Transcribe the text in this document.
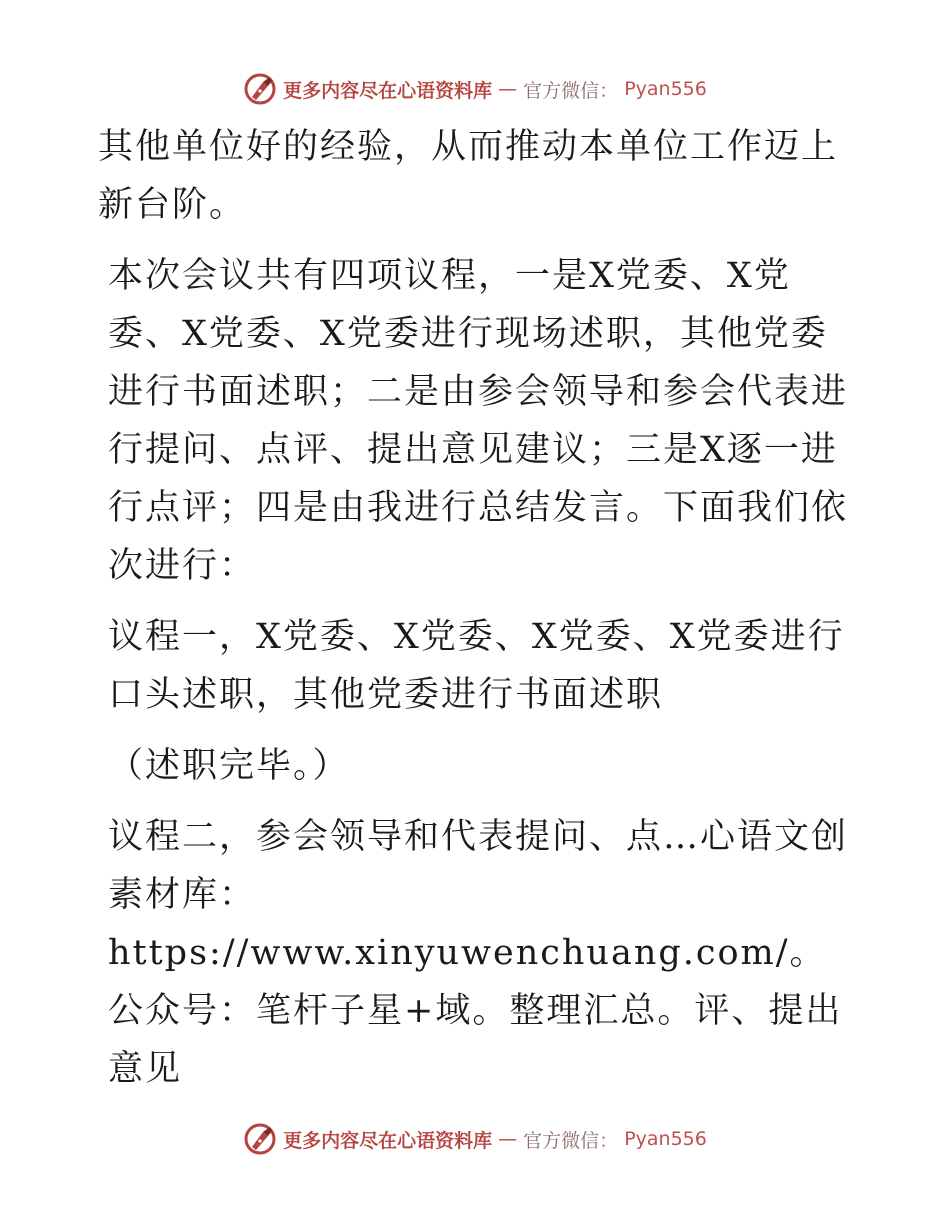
更多内容尽在心语资料库 — 官方微信： Pyan556

其他单位好的经验，从而推动本单位工作迈上新台阶。

本次会议共有四项议程，一是X党委、X党委、X党委、X党委进行现场述职，其他党委进行书面述职；二是由参会领导和参会代表进行提问、点评、提出意见建议；三是X逐一进行点评；四是由我进行总结发言。下面我们依次进行：

议程一，X党委、X党委、X党委、X党委进行口头述职，其他党委进行书面述职

（述职完毕。）

议程二，参会领导和代表提问、点…心语文创素材库：https://www.xinyuwenchuang.com/。公众号：笔杆子星+域。整理汇总。评、提出意见

更多内容尽在心语资料库 — 官方微信： Pyan556
